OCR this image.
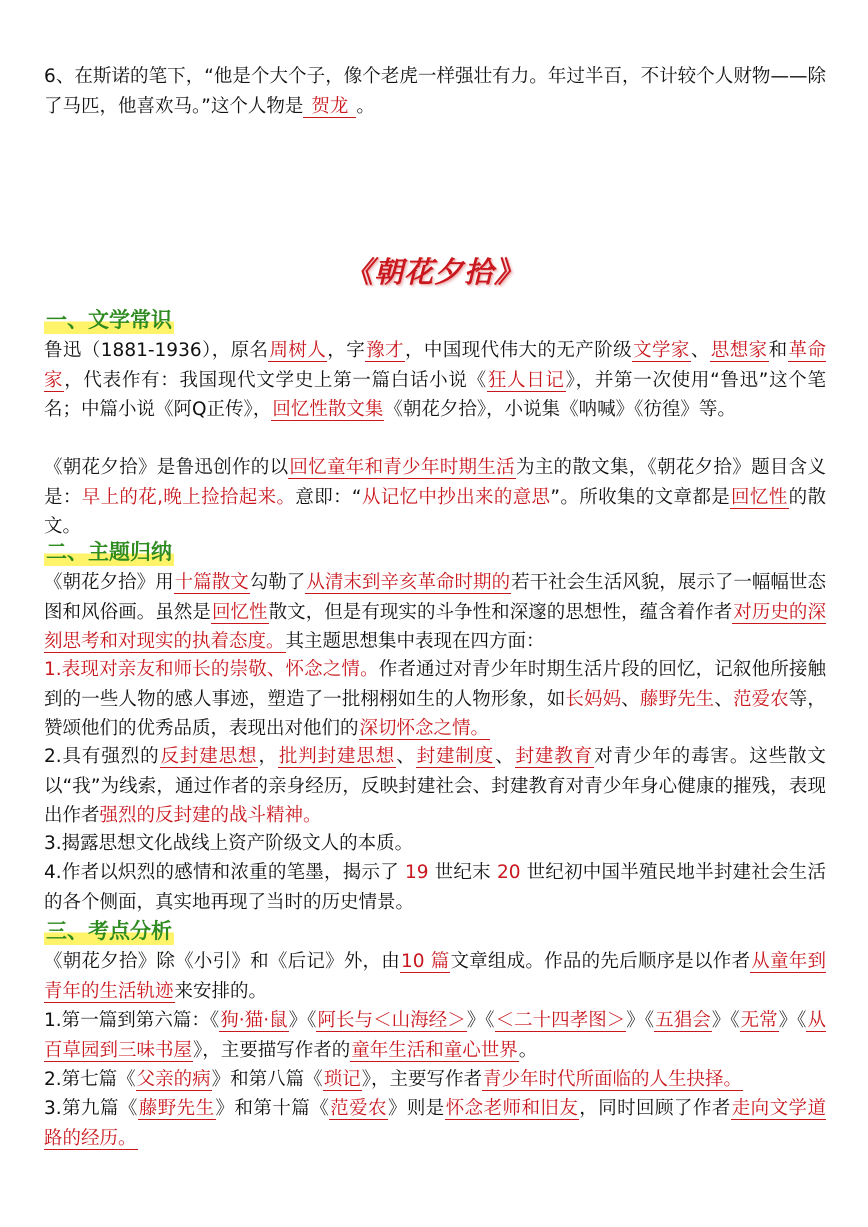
6、在斯诺的笔下，“他是个大个子，像个老虎一样强壮有力。年过半百，不计较个人财物——除了马匹，他喜欢马。”这个人物是 贺龙 。
《朝花夕拾》
一、文学常识
鲁迅（1881-1936），原名周树人，字豫才，中国现代伟大的无产阶级文学家、思想家和革命家，代表作有：我国现代文学史上第一篇白话小说《狂人日记》，并第一次使用“鲁迅”这个笔名；中篇小说《阿Q正传》，回忆性散文集《朝花夕拾》，小说集《呐喊》《彷徨》等。
《朝花夕拾》是鲁迅创作的以回忆童年和青少年时期生活为主的散文集，《朝花夕拾》题目含义是：早上的花,晚上捡拾起来。意即：“从记忆中抄出来的意思”。所收集的文章都是回忆性的散文。
二、主题归纳
《朝花夕拾》用十篇散文勾勒了从清末到辛亥革命时期的若干社会生活风貌，展示了一幅幅世态图和风俗画。虽然是回忆性散文，但是有现实的斗争性和深邃的思想性，蕴含着作者对历史的深刻思考和对现实的执着态度。其主题思想集中表现在四方面：
1.表现对亲友和师长的崇敬、怀念之情。作者通过对青少年时期生活片段的回忆，记叙他所接触到的一些人物的感人事迹，塑造了一批栩栩如生的人物形象，如长妈妈、藤野先生、范爱农等，赞颂他们的优秀品质，表现出对他们的深切怀念之情。
2.具有强烈的反封建思想，批判封建思想、封建制度、封建教育对青少年的毒害。这些散文以“我”为线索，通过作者的亲身经历，反映封建社会、封建教育对青少年身心健康的摧残，表现出作者强烈的反封建的战斗精神。
3.揭露思想文化战线上资产阶级文人的本质。
4.作者以炽烈的感情和浓重的笔墨，揭示了 19 世纪末 20 世纪初中国半殖民地半封建社会生活的各个侧面，真实地再现了当时的历史情景。
三、考点分析
《朝花夕拾》除《小引》和《后记》外，由10 篇文章组成。作品的先后顺序是以作者从童年到青年的生活轨迹来安排的。
1.第一篇到第六篇：《狗·猫·鼠》《阿长与＜山海经＞》《＜二十四孝图＞》《五猖会》《无常》《从百草园到三味书屋》，主要描写作者的童年生活和童心世界。
2.第七篇《父亲的病》和第八篇《琐记》，主要写作者青少年时代所面临的人生抉择。
3.第九篇《藤野先生》和第十篇《范爱农》则是怀念老师和旧友，同时回顾了作者走向文学道路的经历。
